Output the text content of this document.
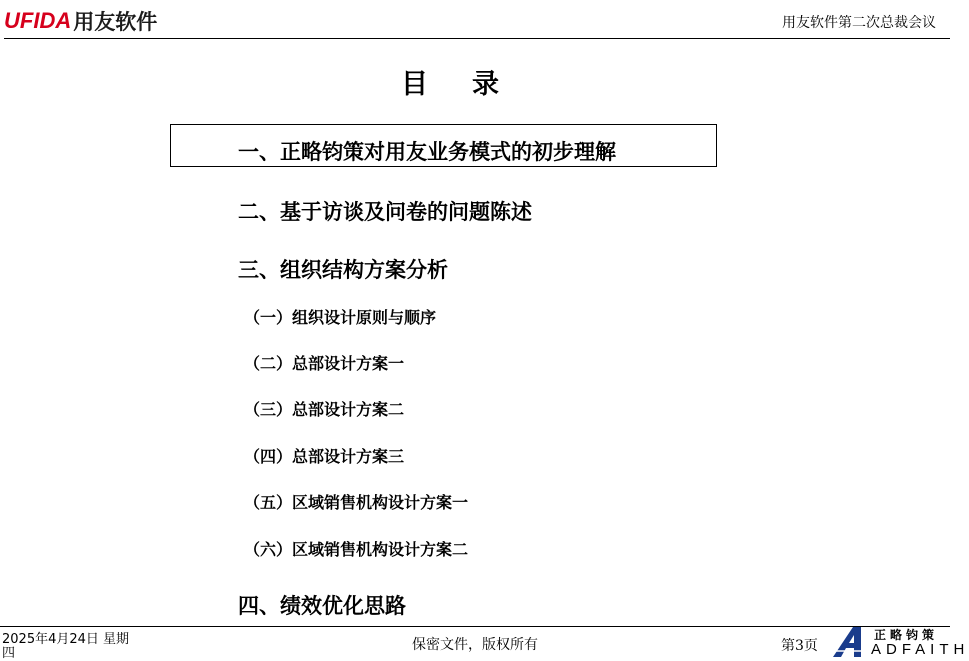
UFIDA 用友软件	用友软件第二次总裁会议
目录
一、正略钧策对用友业务模式的初步理解
二、基于访谈及问卷的问题陈述
三、组织结构方案分析
（一）组织设计原则与顺序
（二）总部设计方案一
（三）总部设计方案二
（四）总部设计方案三
（五）区域销售机构设计方案一
（六）区域销售机构设计方案二
四、绩效优化思路
2025年4月24日 星期四
保密文件，版权所有	第3页
正略钧策
ADFAITH
